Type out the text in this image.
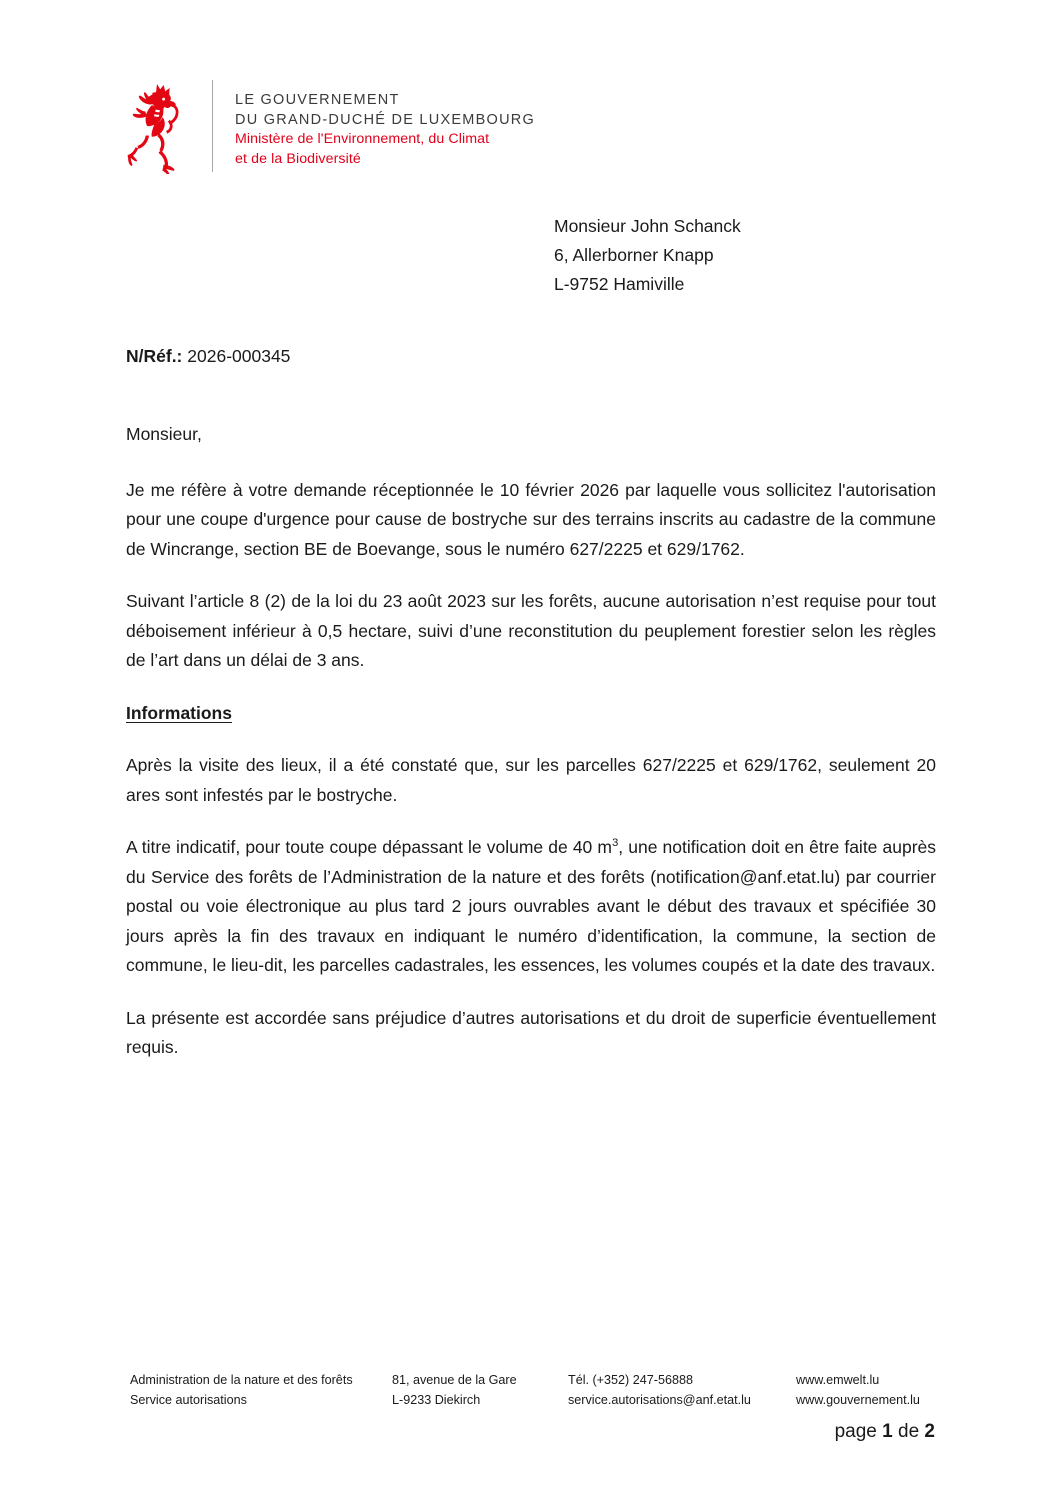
LE GOUVERNEMENT
DU GRAND-DUCHÉ DE LUXEMBOURG
Ministère de l'Environnement, du Climat
et de la Biodiversité
Monsieur John Schanck
6, Allerborner Knapp
L-9752 Hamiville
N/Réf.: 2026-000345

Monsieur,

Je me réfère à votre demande réceptionnée le 10 février 2026 par laquelle vous sollicitez l'autorisation pour une coupe d'urgence pour cause de bostryche sur des terrains inscrits au cadastre de la commune de Wincrange, section BE de Boevange, sous le numéro 627/2225 et 629/1762.

Suivant l’article 8 (2) de la loi du 23 août 2023 sur les forêts, aucune autorisation n’est requise pour tout déboisement inférieur à 0,5 hectare, suivi d’une reconstitution du peuplement forestier selon les règles de l’art dans un délai de 3 ans.

Informations

Après la visite des lieux, il a été constaté que, sur les parcelles 627/2225 et 629/1762, seulement 20 ares sont infestés par le bostryche.

A titre indicatif, pour toute coupe dépassant le volume de 40 $m^3$, une notification doit en être faite auprès du Service des forêts de l’Administration de la nature et des forêts (notification@anf.etat.lu) par courrier postal ou voie électronique au plus tard 2 jours ouvrables avant le début des travaux et spécifiée 30 jours après la fin des travaux en indiquant le numéro d’identification, la commune, la section de commune, le lieu-dit, les parcelles cadastrales, les essences, les volumes coupés et la date des travaux.

La présente est accordée sans préjudice d’autres autorisations et du droit de superficie éventuellement requis.

Administration de la nature et des forêts
Service autorisations
81, avenue de la Gare
L-9233 Diekirch
Tél. (+352) 247-56888
service.autorisations@anf.etat.lu
www.emwelt.lu
www.gouvernement.lu
page 1 de 2
